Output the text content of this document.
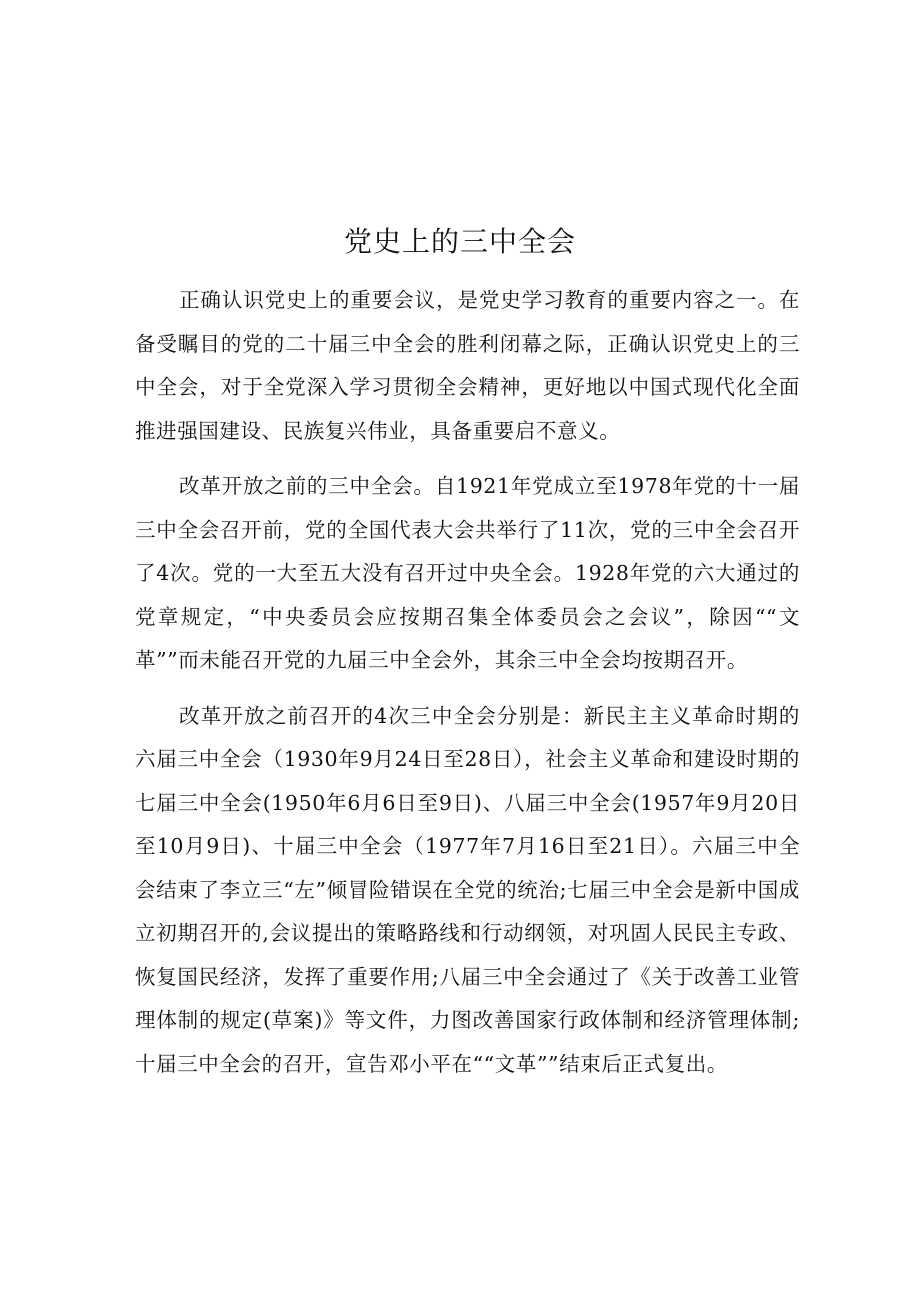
党史上的三中全会

正确认识党史上的重要会议，是党史学习教育的重要内容之一。在备受瞩目的党的二十届三中全会的胜利闭幕之际，正确认识党史上的三中全会，对于全党深入学习贯彻全会精神，更好地以中国式现代化全面推进强国建设、民族复兴伟业，具备重要启不意义。

改革开放之前的三中全会。自1921年党成立至1978年党的十一届三中全会召开前，党的全国代表大会共举行了11次，党的三中全会召开了4次。党的一大至五大没有召开过中央全会。1928年党的六大通过的党章规定，“中央委员会应按期召集全体委员会之会议”，除因““文革””而未能召开党的九届三中全会外，其余三中全会均按期召开。

改革开放之前召开的4次三中全会分别是：新民主主义革命时期的六届三中全会（1930年9月24日至28日），社会主义革命和建设时期的七届三中全会(1950年6月6日至9日)、八届三中全会(1957年9月20日至10月9日)、十届三中全会（1977年7月16日至21日）。六届三中全会结束了李立三“左”倾冒险错误在全党的统治;七届三中全会是新中国成立初期召开的,会议提出的策略路线和行动纲领，对巩固人民民主专政、恢复国民经济，发挥了重要作用;八届三中全会通过了《关于改善工业管理体制的规定(草案)》等文件，力图改善国家行政体制和经济管理体制;十届三中全会的召开，宣告邓小平在““文革””结束后正式复出。
